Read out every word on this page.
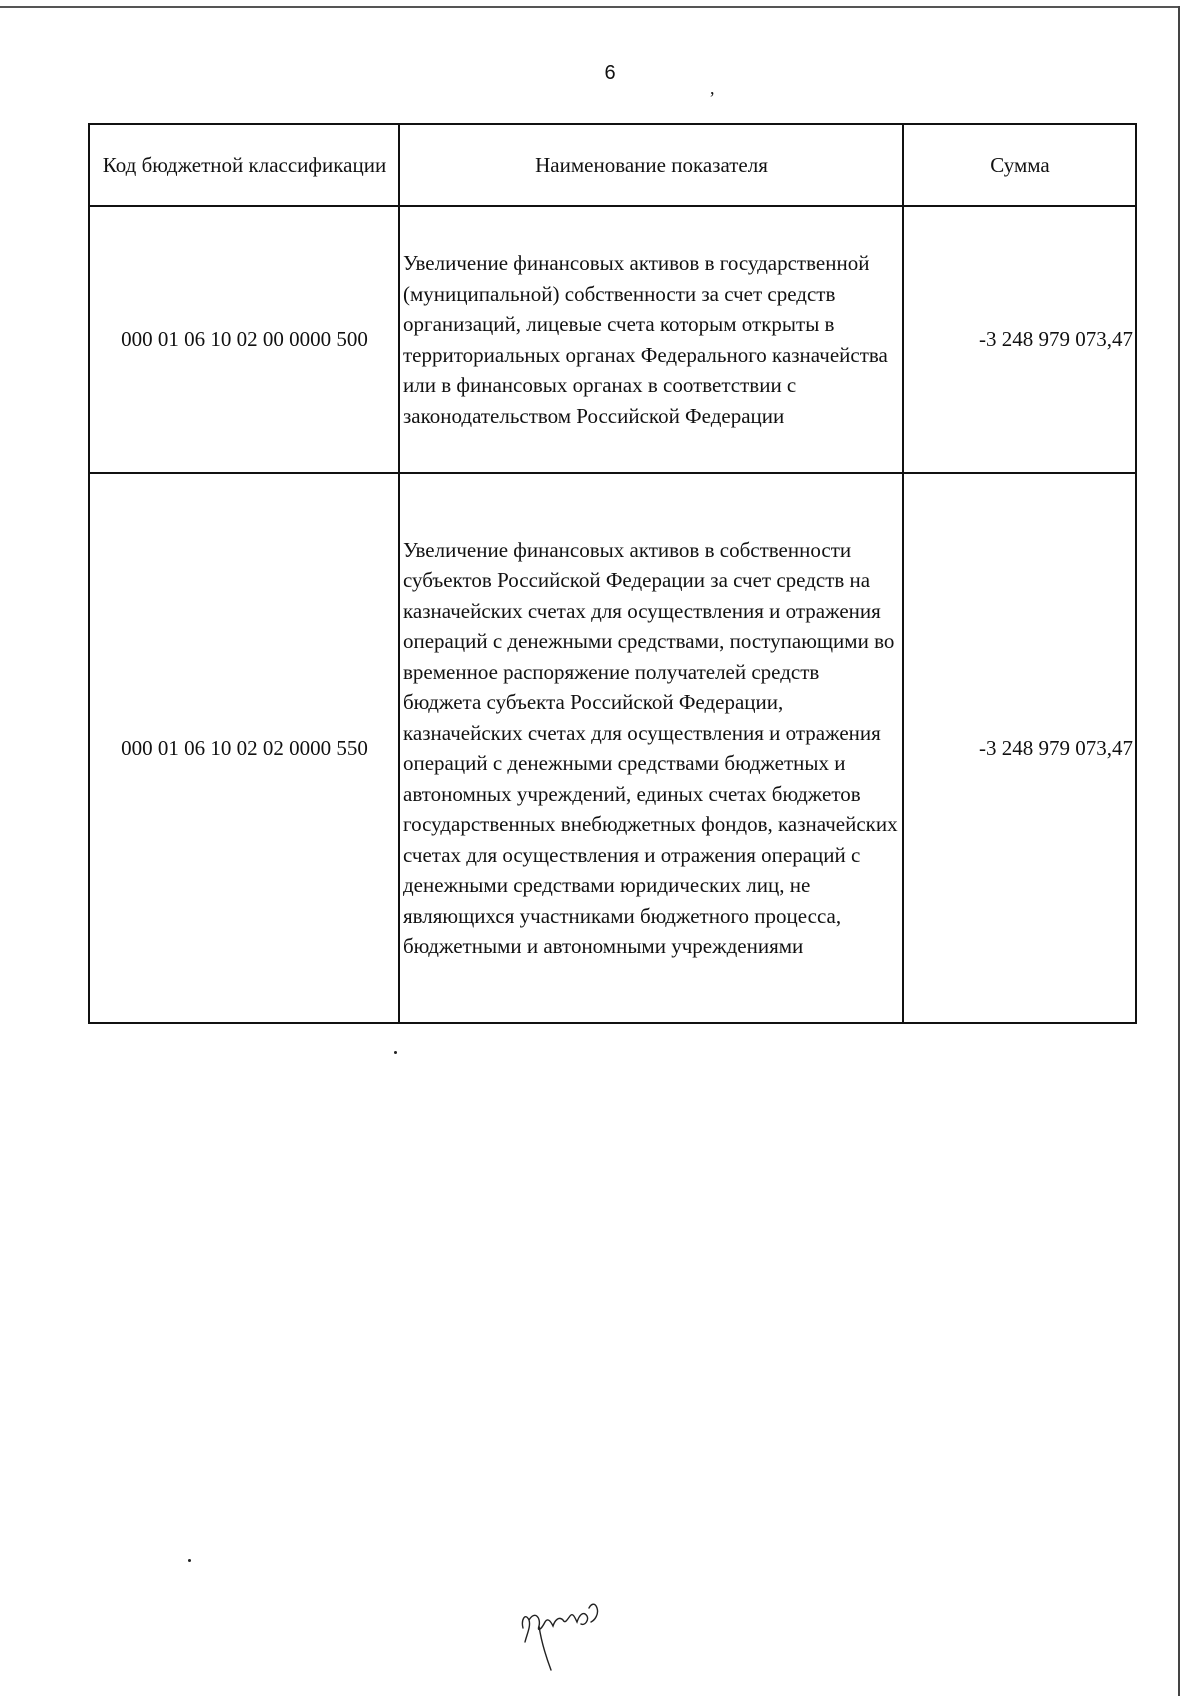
6
,
Код бюджетной классификации	Наименование показателя	Сумма
000 01 06 10 02 00 0000 500	Увеличение финансовых активов в государственной (муниципальной) собственности за счет средств организаций, лицевые счета которым открыты в территориальных органах Федерального казначейства или в финансовых органах в соответствии с законодательством Российской Федерации	-3 248 979 073,47
000 01 06 10 02 02 0000 550	Увеличение финансовых активов в собственности субъектов Российской Федерации за счет средств на казначейских счетах для осуществления и отражения операций с денежными средствами, поступающими во временное распоряжение получателей средств бюджета субъекта Российской Федерации, казначейских счетах для осуществления и отражения операций с денежными средствами бюджетных и автономных учреждений, единых счетах бюджетов государственных внебюджетных фондов, казначейских счетах для осуществления и отражения операций с денежными средствами юридических лиц, не являющихся участниками бюджетного процесса, бюджетными и автономными учреждениями	-3 248 979 073,47
